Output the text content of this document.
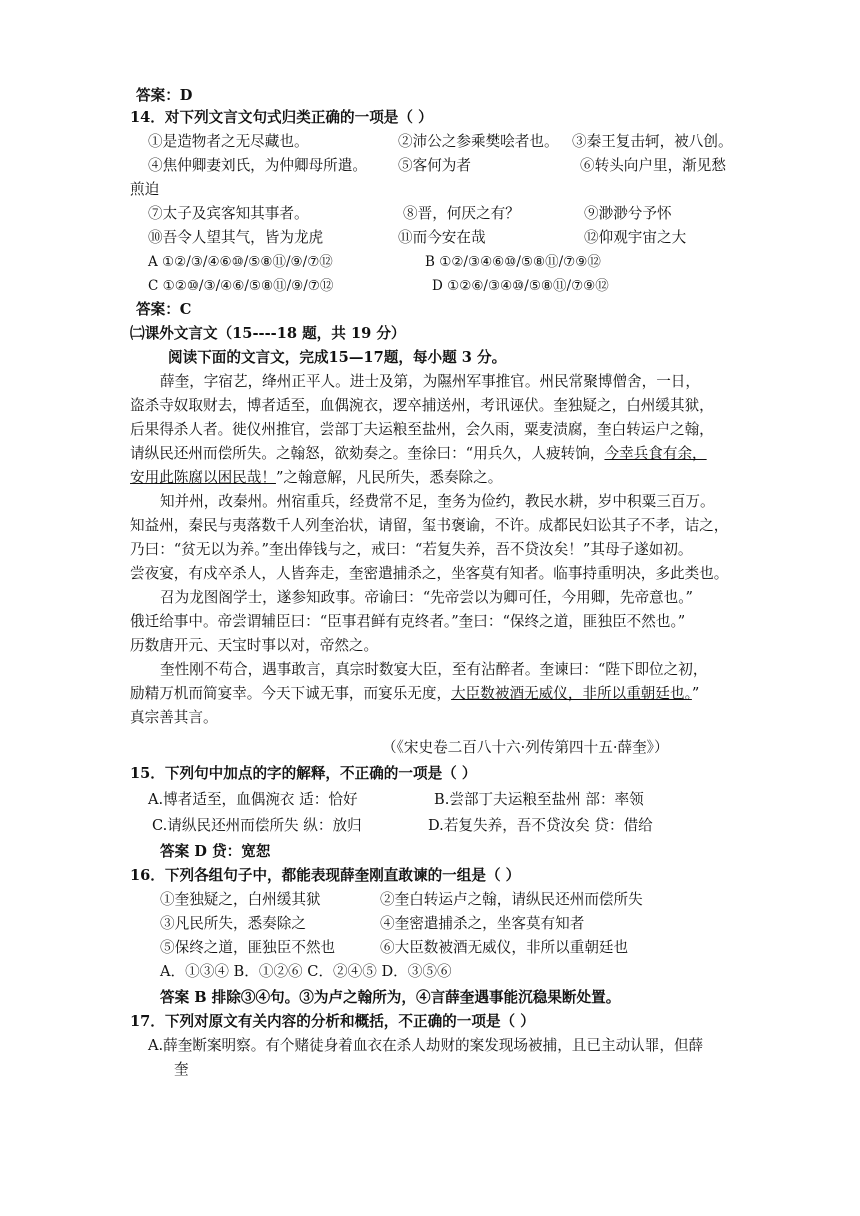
答案：D
14．对下列文言文句式归类正确的一项是（ ）
①是造物者之无尽藏也。	②沛公之参乘樊哙者也。 ③秦王复击轲，被八创。
④焦仲卿妻刘氏，为仲卿母所遣。 ⑤客何为者	⑥转头向户里，渐见愁
煎迫
⑦太子及宾客知其事者。	⑧晋，何厌之有？	⑨渺渺兮予怀
⑩吾令人望其气，皆为龙虎	⑪而今安在哉	⑫仰观宇宙之大
A ①②/③/④⑥⑩/⑤⑧⑪/⑨/⑦⑫	B ①②/③④⑥⑩/⑤⑧⑪/⑦⑨⑫
C ①②⑩/③/④⑥/⑤⑧⑪/⑨/⑦⑫	D ①②⑥/③④⑩/⑤⑧⑪/⑦⑨⑫
答案：C
㈡课外文言文（15----18 题，共 19 分）
阅读下面的文言文，完成15—17题，每小题 3 分。
薛奎，字宿艺，绛州正平人。进士及第，为隰州军事推官。州民常聚博僧舍，一日，
盗杀寺奴取财去，博者适至，血偶涴衣，逻卒捕送州，考讯诬伏。奎独疑之，白州缓其狱，
后果得杀人者。徙仪州推官，尝部丁夫运粮至盐州，会久雨，粟麦渍腐，奎白转运户之翰，
请纵民还州而偿所失。之翰怒，欲劾奏之。奎徐曰：“用兵久，人疲转饷，今幸兵食有余，
安用此陈腐以困民哉！”之翰意解，凡民所失，悉奏除之。
知并州，改秦州。州宿重兵，经费常不足，奎务为俭约，教民水耕，岁中积粟三百万。
知益州，秦民与夷落数千人列奎治状，请留，玺书褒谕，不许。成都民妇讼其子不孝，诘之，
乃曰：“贫无以为养。”奎出俸钱与之，戒曰：“若复失养，吾不贷汝矣！”其母子遂如初。
尝夜宴，有戍卒杀人，人皆奔走，奎密遣捕杀之，坐客莫有知者。临事持重明决，多此类也。
召为龙图阁学士，遂参知政事。帝谕曰：“先帝尝以为卿可任，今用卿，先帝意也。”
俄迁给事中。帝尝谓辅臣曰：“臣事君鲜有克终者。”奎曰：“保终之道，匪独臣不然也。”
历数唐开元、天宝时事以对，帝然之。
奎性刚不苟合，遇事敢言，真宗时数宴大臣，至有沾醉者。奎谏曰：“陛下即位之初，
励精万机而简宴幸。今天下诚无事，而宴乐无度，大臣数被酒无威仪，非所以重朝廷也。”
真宗善其言。
（《宋史卷二百八十六·列传第四十五·薛奎》）
15．下列句中加点的字的解释，不正确的一项是（ ）
A.博者适至，血偶涴衣 适：恰好	B.尝部丁夫运粮至盐州 部：率领
C.请纵民还州而偿所失 纵：放归	D.若复失养，吾不贷汝矣 贷：借给
答案 D 贷：宽恕
16．下列各组句子中，都能表现薛奎刚直敢谏的一组是（ ）
①奎独疑之，白州缓其狱	②奎白转运卢之翰，请纵民还州而偿所失
③凡民所失，悉奏除之	④奎密遣捕杀之，坐客莫有知者
⑤保终之道，匪独臣不然也	⑥大臣数被酒无威仪，非所以重朝廷也
A．①③④ B．①②⑥ C．②④⑤ D．③⑤⑥
答案 B 排除③④句。③为卢之翰所为，④言薛奎遇事能沉稳果断处置。
17．下列对原文有关内容的分析和概括，不正确的一项是（ ）
A.薛奎断案明察。有个赌徒身着血衣在杀人劫财的案发现场被捕，且已主动认罪，但薛
奎
